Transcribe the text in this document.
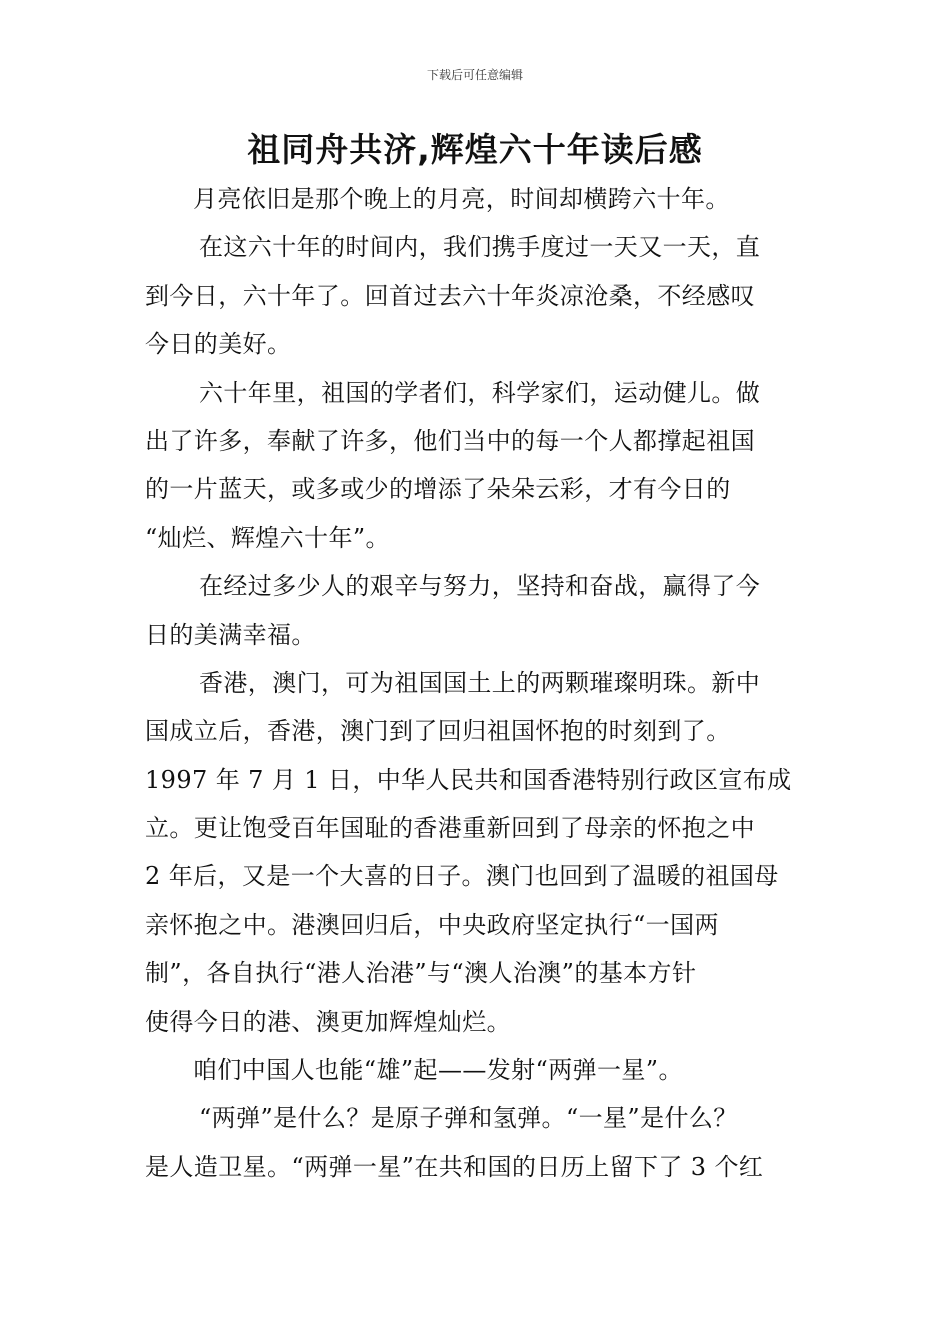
下载后可任意编辑
祖同舟共济,辉煌六十年读后感
月亮依旧是那个晚上的月亮，时间却横跨六十年。
在这六十年的时间内，我们携手度过一天又一天，直
到今日，六十年了。回首过去六十年炎凉沧桑，不经感叹
今日的美好。
六十年里，祖国的学者们，科学家们，运动健儿。做
出了许多，奉献了许多，他们当中的每一个人都撑起祖国
的一片蓝天，或多或少的增添了朵朵云彩，才有今日的
“灿烂、辉煌六十年”。
在经过多少人的艰辛与努力，坚持和奋战，赢得了今
日的美满幸福。
香港，澳门，可为祖国国土上的两颗璀璨明珠。新中
国成立后，香港，澳门到了回归祖国怀抱的时刻到了。
1997 年 7 月 1 日，中华人民共和国香港特别行政区宣布成
立。更让饱受百年国耻的香港重新回到了母亲的怀抱之中
2 年后，又是一个大喜的日子。澳门也回到了温暖的祖国母
亲怀抱之中。港澳回归后，中央政府坚定执行“一国两
制”，各自执行“港人治港”与“澳人治澳”的基本方针
使得今日的港、澳更加辉煌灿烂。
咱们中国人也能“雄”起——发射“两弹一星”。
“两弹”是什么？是原子弹和氢弹。“一星”是什么？
是人造卫星。“两弹一星”在共和国的日历上留下了 3 个红
